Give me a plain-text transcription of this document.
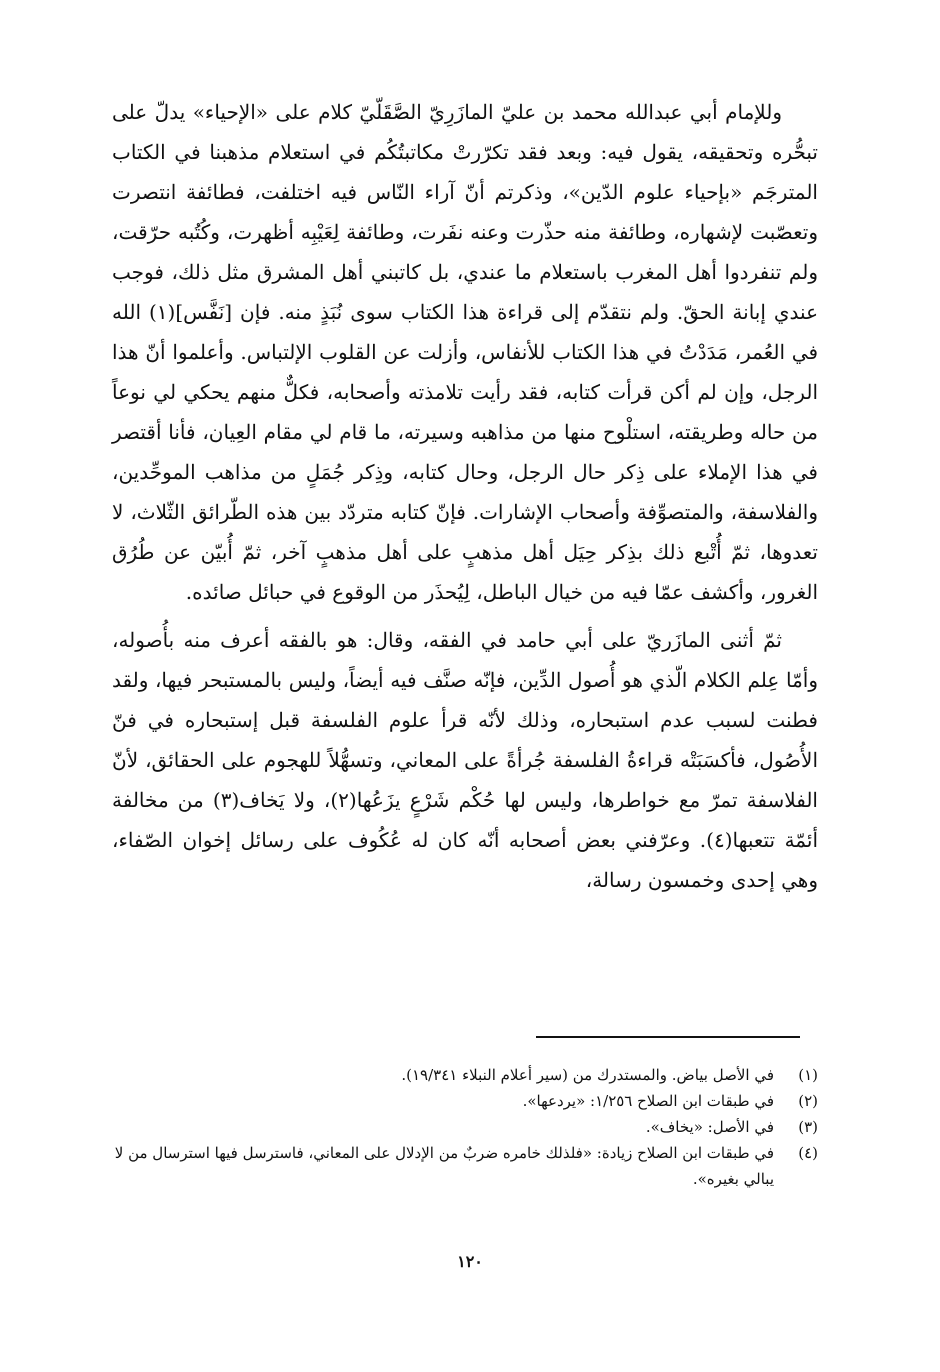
وللإمام أبي عبدالله محمد بن عليّ المازَرِيّ الصَّقَلّيّ كلام على «الإحياء» يدلّ على تبحُّره وتحقيقه، يقول فيه: وبعد فقد تكرّرتْ مكاتبتُكُم في استعلام مذهبنا في الكتاب المترجَم «بإحياء علوم الدّين»، وذكرتم أنّ آراء النّاس فيه اختلفت، فطائفة انتصرت وتعصّبت لإشهاره، وطائفة منه حذّرت وعنه نفَرت، وطائفة لِعَيْبِه أظهرت، وكُتُبه حرّقت، ولم تنفردوا أهل المغرب باستعلام ما عندي، بل كاتبني أهل المشرق مثل ذلك، فوجب عندي إبانة الحقّ. ولم نتقدّم إلى قراءة هذا الكتاب سوى نُبَذٍ منه. فإن [نَفَّس](١) الله في العُمر، مَدَدْتُ في هذا الكتاب للأنفاس، وأزلت عن القلوب الإلتباس. وأعلموا أنّ هذا الرجل، وإن لم أكن قرأت كتابه، فقد رأيت تلامذته وأصحابه، فكلٌّ منهم يحكي لي نوعاً من حاله وطريقته، استلْوح منها من مذاهبه وسيرته، ما قام لي مقام العِيان، فأنا أقتصر في هذا الإملاء على ذِكر حال الرجل، وحال كتابه، وذِكر جُمَلٍ من مذاهب الموحِّدين، والفلاسفة، والمتصوِّفة وأصحاب الإشارات. فإنّ كتابه متردّد بين هذه الطّرائق الثّلاث، لا تعدوها، ثمّ أُتْبع ذلك بذِكر حِيَل أهل مذهبٍ على أهل مذهبٍ آخر، ثمّ أُبيّن عن طُرُق الغرور، وأكشف عمّا فيه من خيال الباطل، لِيُحذَر من الوقوع في حبائل صائده.

ثمّ أثنى المازَريّ على أبي حامد في الفقه، وقال: هو بالفقه أعرف منه بأُصوله، وأمّا عِلم الكلام الّذي هو أُصول الدِّين، فإنّه صنَّف فيه أيضاً، وليس بالمستبحر فيها، ولقد فطنت لسبب عدم استبحاره، وذلك لأنّه قرأ علوم الفلسفة قبل إستبحاره في فنّ الأُصُول، فأكسَبَتْه قراءةُ الفلسفة جُرأةً على المعاني، وتسهُّلاً للهجوم على الحقائق، لأنّ الفلاسفة تمرّ مع خواطرها، وليس لها حُكْم شَرْعٍ يزَعُها(٢)، ولا يَخاف(٣) من مخالفة أئمّة تتعبها(٤). وعرّفني بعض أصحابه أنّه كان له عُكُوف على رسائل إخوان الصّفاء، وهي إحدى وخمسون رسالة،

(١)
في الأصل بياض. والمستدرك من (سير أعلام النبلاء ١٩/٣٤١).
(٢)
في طبقات ابن الصلاح ١/٢٥٦: «يردعها».
(٣)
في الأصل: «يخاف».
(٤)
في طبقات ابن الصلاح زيادة: «فلذلك خامره ضربٌ من الإدلال على المعاني، فاسترسل فيها استرسال من لا يبالي بغيره».
١٢٠
